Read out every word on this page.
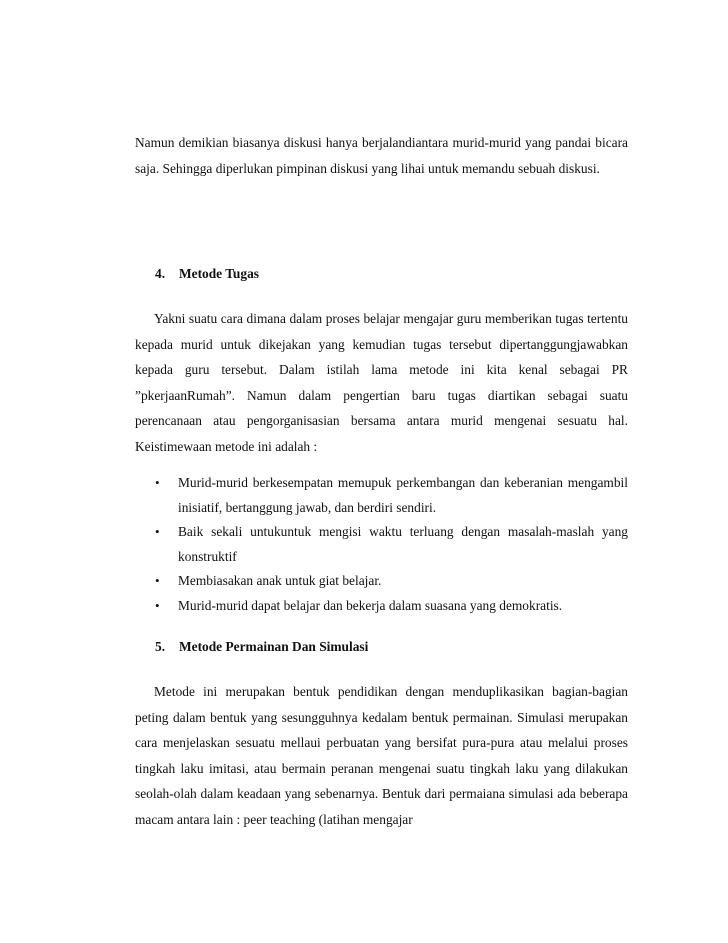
Namun demikian biasanya diskusi hanya berjalandiantara murid-murid yang pandai bicara saja. Sehingga diperlukan pimpinan diskusi yang lihai untuk memandu sebuah diskusi.

4. Metode Tugas

Yakni suatu cara dimana dalam proses belajar mengajar guru memberikan tugas tertentu kepada murid untuk dikejakan yang kemudian tugas tersebut dipertanggungjawabkan kepada guru tersebut. Dalam istilah lama metode ini kita kenal sebagai PR ”pkerjaanRumah”. Namun dalam pengertian baru tugas diartikan sebagai suatu perencanaan atau pengorganisasian bersama antara murid mengenai sesuatu hal. Keistimewaan metode ini adalah :

• Murid-murid berkesempatan memupuk perkembangan dan keberanian mengambil inisiatif, bertanggung jawab, dan berdiri sendiri.
• Baik sekali untukuntuk mengisi waktu terluang dengan masalah-maslah yang konstruktif
• Membiasakan anak untuk giat belajar.
• Murid-murid dapat belajar dan bekerja dalam suasana yang demokratis.
5. Metode Permainan Dan Simulasi

Metode ini merupakan bentuk pendidikan dengan menduplikasikan bagian-bagian peting dalam bentuk yang sesungguhnya kedalam bentuk permainan. Simulasi merupakan cara menjelaskan sesuatu mellaui perbuatan yang bersifat pura-pura atau melalui proses tingkah laku imitasi, atau bermain peranan mengenai suatu tingkah laku yang dilakukan seolah-olah dalam keadaan yang sebenarnya. Bentuk dari permaiana simulasi ada beberapa macam antara lain : peer teaching (latihan mengajar
